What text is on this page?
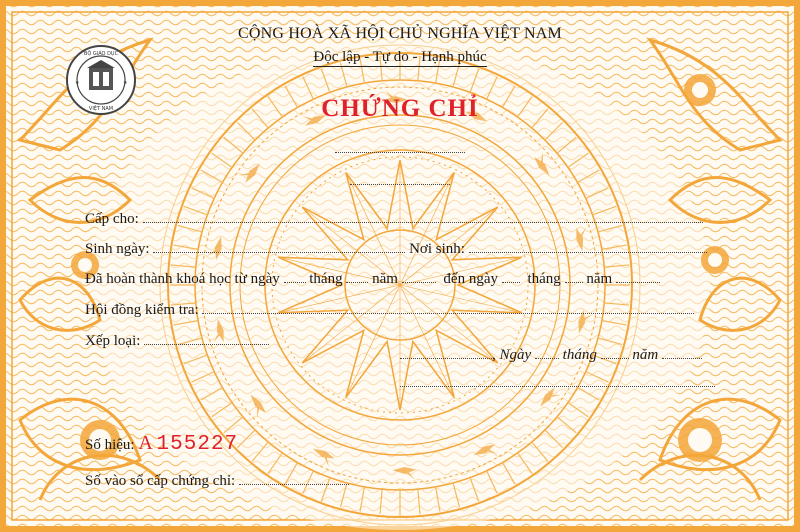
BỘ GIÁO DỤC
VIỆT NAM
★	★
CỘNG HOÀ XÃ HỘI CHỦ NGHĨA VIỆT NAM
Độc lập - Tự do - Hạnh phúc
CHỨNG CHỈ
Cấp cho:
Sinh ngày:	Nơi sinh:
Đã hoàn thành khoá học từ ngày tháng năm	đến ngày tháng năm
Hội đồng kiểm tra:
Xếp loại:
, Ngày tháng năm
Số hiệu: A 155227
Số vào sổ cấp chứng chỉ:
